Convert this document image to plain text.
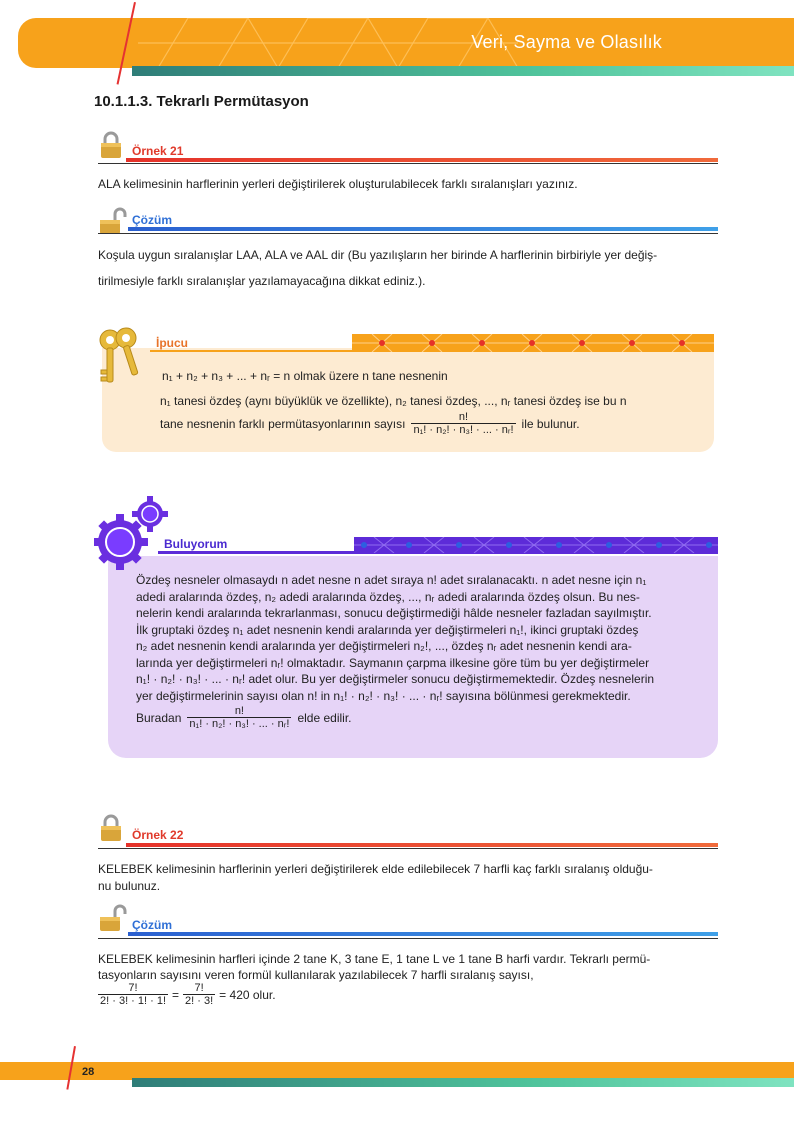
Veri, Sayma ve Olasılık
10.1.1.3. Tekrarlı Permütasyon
Örnek 21
ALA kelimesinin harflerinin yerleri değiştirilerek oluşturulabilecek farklı sıralanışları yazınız.
Çözüm
Koşula uygun sıralanışlar LAA, ALA ve AAL dir (Bu yazılışların her birinde A harflerinin birbiriyle yer değiş-
tirilmesiyle farklı sıralanışlar yazılamayacağına dikkat ediniz.).
İpucu
n₁ + n₂ + n₃ + ... + nᵣ = n olmak üzere n tane nesnenin
n₁ tanesi özdeş (aynı büyüklük ve özellikte), n₂ tanesi özdeş, ..., nᵣ tanesi özdeş ise bu n
tane nesnenin farklı permütasyonlarının sayısı $\frac{n!}{\text{n₁! · n₂! · n₃! · ... · nᵣ!}}$ ile bulunur.
Buluyorum
Özdeş nesneler olmasaydı n adet nesne n adet sıraya n! adet sıralanacaktı. n adet nesne için n₁
adedi aralarında özdeş, n₂ adedi aralarında özdeş, ..., nᵣ adedi aralarında özdeş olsun. Bu nes-
nelerin kendi aralarında tekrarlanması, sonucu değiştirmediği hâlde nesneler fazladan sayılmıştır.
İlk gruptaki özdeş n₁ adet nesnenin kendi aralarında yer değiştirmeleri n₁!, ikinci gruptaki özdeş
n₂ adet nesnenin kendi aralarında yer değiştirmeleri n₂!, ..., özdeş nᵣ adet nesnenin kendi ara-
larında yer değiştirmeleri nᵣ! olmaktadır. Saymanın çarpma ilkesine göre tüm bu yer değiştirmeler
n₁! · n₂! · n₃! · ... · nᵣ! adet olur. Bu yer değiştirmeler sonucu değiştirmemektedir. Özdeş nesnelerin
yer değiştirmelerinin sayısı olan n! in n₁! · n₂! · n₃! · ... · nᵣ! sayısına bölünmesi gerekmektedir.
Buradan $\frac{n!}{\text{n₁! · n₂! · n₃! · ... · nᵣ!}}$ elde edilir.
Örnek 22
KELEBEK kelimesinin harflerinin yerleri değiştirilerek elde edilebilecek 7 harfli kaç farklı sıralanış olduğu-
nu bulunuz.
Çözüm
KELEBEK kelimesinin harfleri içinde 2 tane K, 3 tane E, 1 tane L ve 1 tane B harfi vardır. Tekrarlı permü-
tasyonların sayısını veren formül kullanılarak yazılabilecek 7 harfli sıralanış sayısı,
$\frac{7!}{2! \cdot 3! \cdot 1! \cdot 1!} = \frac{7!}{2! \cdot 3!} = 420$ olur.
28
